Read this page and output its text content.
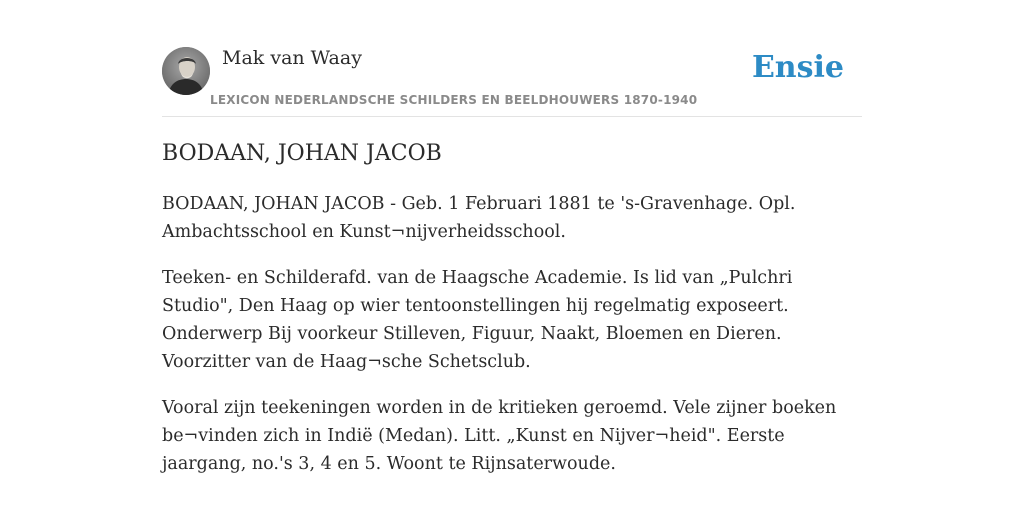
Mak van Waay
LEXICON NEDERLANDSCHE SCHILDERS EN BEELDHOUWERS 1870-1940
Ensie
BODAAN, JOHAN JACOB

BODAAN, JOHAN JACOB - Geb. 1 Februari 1881 te 's-Gravenhage. Opl. Ambachtsschool en Kunst¬nijverheidsschool.

Teeken- en Schilderafd. van de Haagsche Academie. Is lid van „Pulchri Studio", Den Haag op wier tentoonstellingen hij regelmatig exposeert. Onderwerp Bij voorkeur Stilleven, Figuur, Naakt, Bloemen en Dieren. Voorzitter van de Haag¬sche Schetsclub.

Vooral zijn teekeningen worden in de kritieken geroemd. Vele zijner boeken be¬vinden zich in Indië (Medan). Litt. „Kunst en Nijver¬heid". Eerste jaargang, no.'s 3, 4 en 5. Woont te Rijnsaterwoude.
